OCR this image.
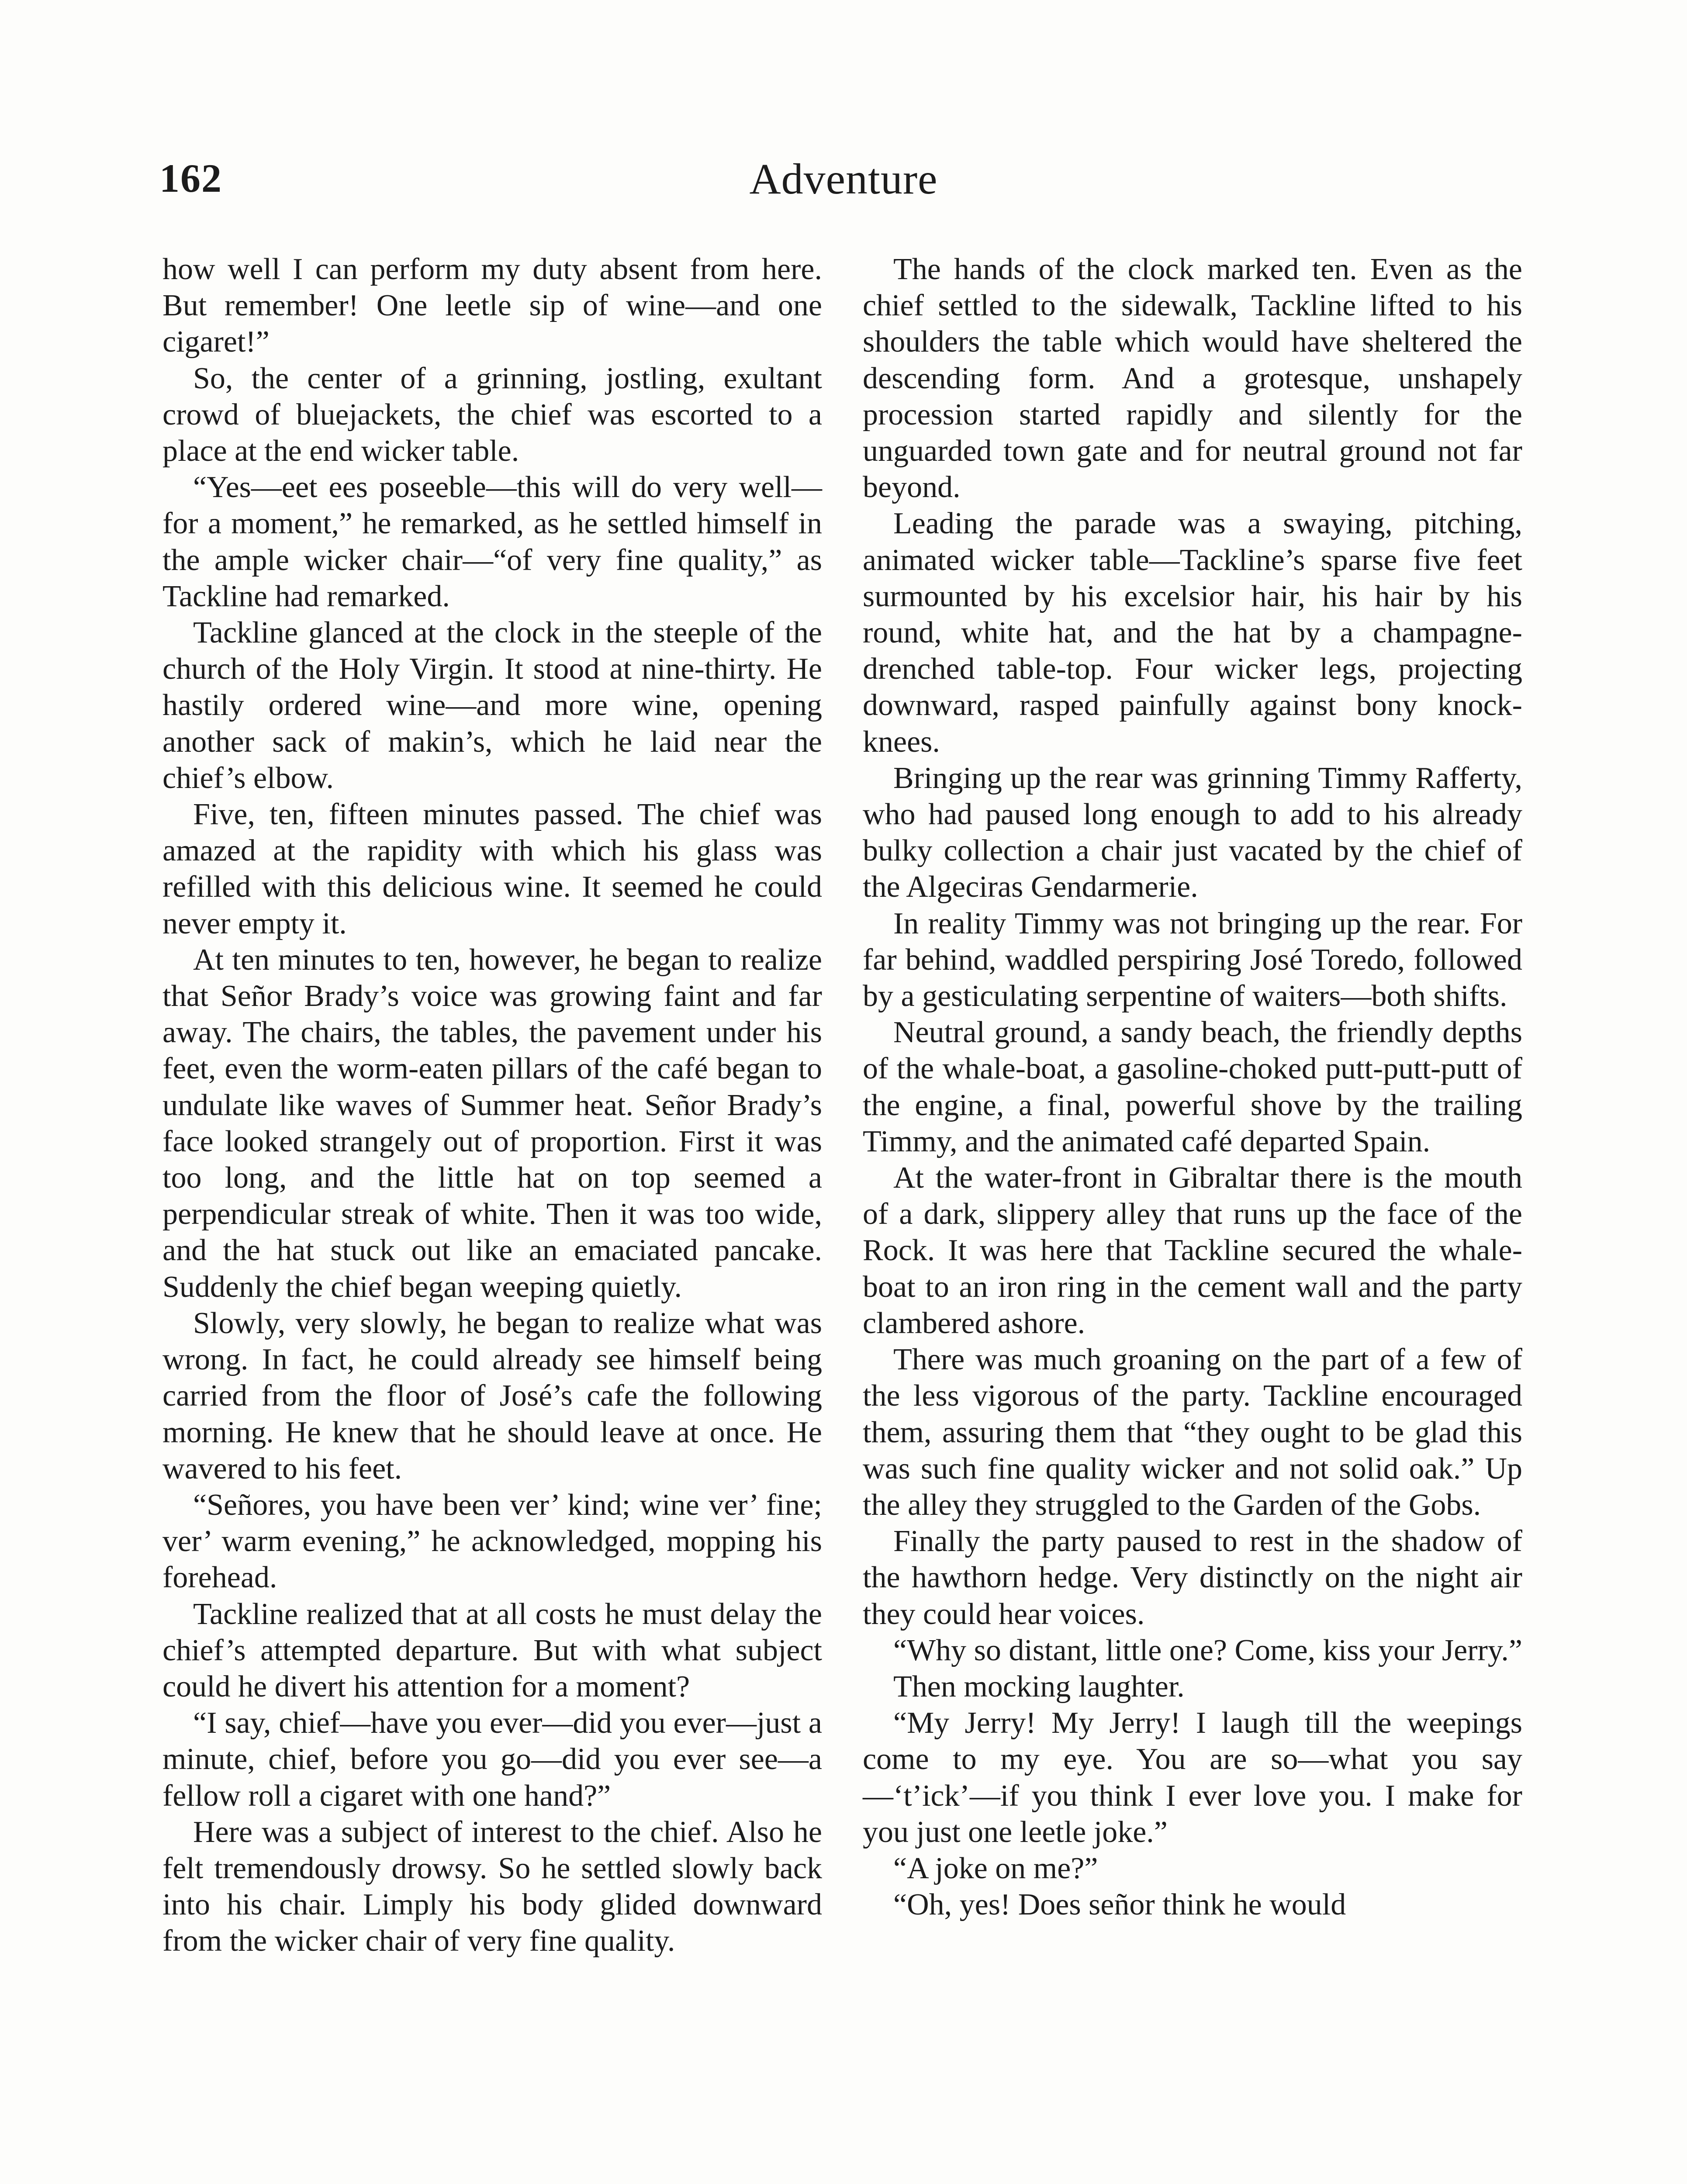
162	Adventure

how well I can perform my duty absent from here. But remember! One leetle sip of wine—and one cigaret!”

So, the center of a grinning, jostling, exultant crowd of bluejackets, the chief was escorted to a place at the end wicker table.

“Yes—eet ees poseeble—this will do very well—for a moment,” he remarked, as he settled himself in the ample wicker chair—“of very fine quality,” as Tackline had remarked.

Tackline glanced at the clock in the steeple of the church of the Holy Virgin. It stood at nine-thirty. He hastily ordered wine—and more wine, opening another sack of makin’s, which he laid near the chief’s elbow.

Five, ten, fifteen minutes passed. The chief was amazed at the rapidity with which his glass was refilled with this delicious wine. It seemed he could never empty it.

At ten minutes to ten, however, he began to realize that Señor Brady’s voice was growing faint and far away. The chairs, the tables, the pavement under his feet, even the worm-eaten pillars of the café began to undulate like waves of Summer heat. Señor Brady’s face looked strangely out of proportion. First it was too long, and the little hat on top seemed a perpendicular streak of white. Then it was too wide, and the hat stuck out like an emaciated pancake. Suddenly the chief began weeping quietly.

Slowly, very slowly, he began to realize what was wrong. In fact, he could already see himself being carried from the floor of José’s cafe the following morning. He knew that he should leave at once. He wavered to his feet.

“Señores, you have been ver’ kind; wine ver’ fine; ver’ warm evening,” he acknowledged, mopping his forehead.

Tackline realized that at all costs he must delay the chief’s attempted departure. But with what subject could he divert his attention for a moment?

“I say, chief—have you ever—did you ever—just a minute, chief, before you go—did you ever see—a fellow roll a cigaret with one hand?”

Here was a subject of interest to the chief. Also he felt tremendously drowsy. So he settled slowly back into his chair. Limply his body glided downward from the wicker chair of very fine quality.

The hands of the clock marked ten. Even as the chief settled to the sidewalk, Tackline lifted to his shoulders the table which would have sheltered the descending form. And a grotesque, unshapely procession started rapidly and silently for the unguarded town gate and for neutral ground not far beyond.

Leading the parade was a swaying, pitching, animated wicker table—Tackline’s sparse five feet surmounted by his excelsior hair, his hair by his round, white hat, and the hat by a champagne-drenched table-top. Four wicker legs, projecting downward, rasped painfully against bony knock-knees.

Bringing up the rear was grinning Timmy Rafferty, who had paused long enough to add to his already bulky collection a chair just vacated by the chief of the Algeciras Gendarmerie.

In reality Timmy was not bringing up the rear. For far behind, waddled perspiring José Toredo, followed by a gesticulating serpentine of waiters—both shifts.

Neutral ground, a sandy beach, the friendly depths of the whale-boat, a gasoline-choked putt-putt-putt of the engine, a final, powerful shove by the trailing Timmy, and the animated café departed Spain.

At the water-front in Gibraltar there is the mouth of a dark, slippery alley that runs up the face of the Rock. It was here that Tackline secured the whale-boat to an iron ring in the cement wall and the party clambered ashore.

There was much groaning on the part of a few of the less vigorous of the party. Tackline encouraged them, assuring them that “they ought to be glad this was such fine quality wicker and not solid oak.” Up the alley they struggled to the Garden of the Gobs.

Finally the party paused to rest in the shadow of the hawthorn hedge. Very distinctly on the night air they could hear voices.

“Why so distant, little one? Come, kiss your Jerry.”

Then mocking laughter.

“My Jerry! My Jerry! I laugh till the weepings come to my eye. You are so—what you say—‘t’ick’—if you think I ever love you. I make for you just one leetle joke.”

“A joke on me?”

“Oh, yes! Does señor think he would
